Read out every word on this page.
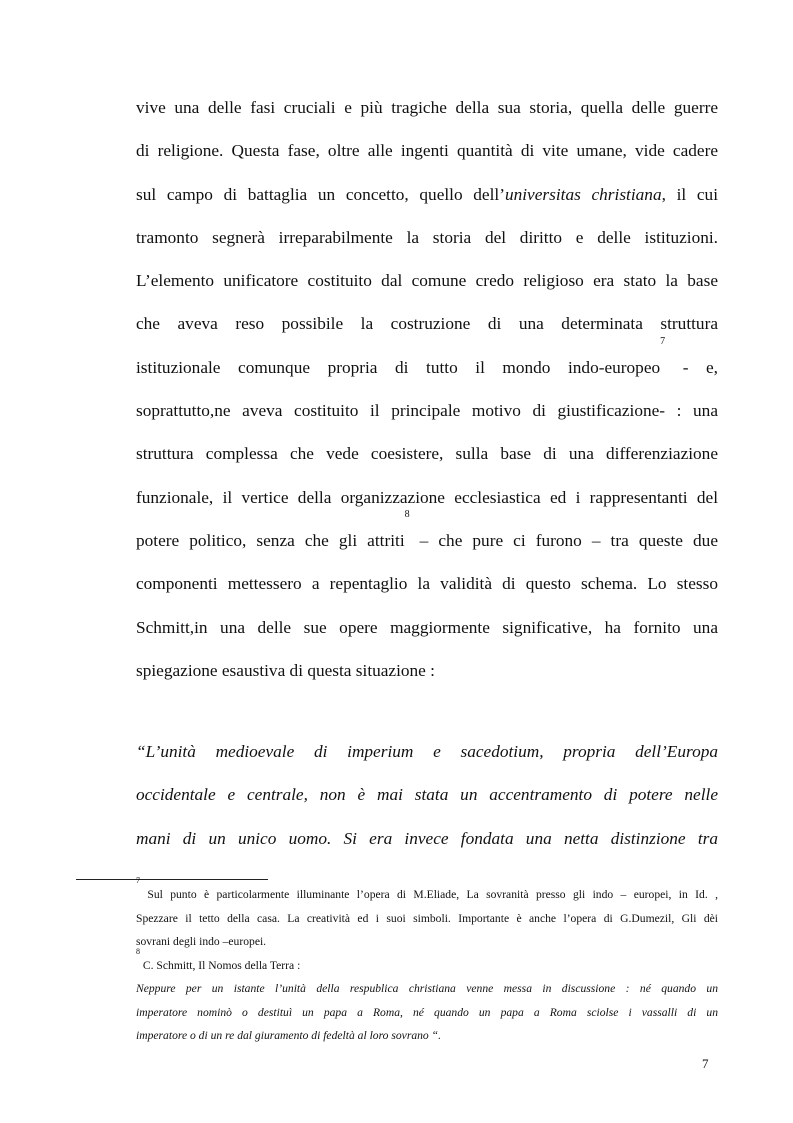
vive una delle fasi cruciali e più tragiche della sua storia, quella delle guerre
di religione. Questa fase, oltre alle ingenti quantità di vite umane, vide cadere
sul campo di battaglia un concetto, quello dell’universitas christiana, il cui
tramonto segnerà irreparabilmente la storia del diritto e delle istituzioni.
L’elemento unificatore costituito dal comune credo religioso era stato la base
che aveva reso possibile la costruzione di una determinata struttura
istituzionale comunque propria di tutto il mondo indo-europeo$^7$ - e,
soprattutto,ne aveva costituito il principale motivo di giustificazione- : una
struttura complessa che vede coesistere, sulla base di una differenziazione
funzionale, il vertice della organizzazione ecclesiastica ed i rappresentanti del
potere politico, senza che gli attriti$^8$ – che pure ci furono – tra queste due
componenti mettessero a repentaglio la validità di questo schema. Lo stesso
Schmitt,in una delle sue opere maggiormente significative, ha fornito una
spiegazione esaustiva di questa situazione :
“L’unità medioevale di imperium e sacedotium, propria dell’Europa
occidentale e centrale, non è mai stata un accentramento di potere nelle
mani di un unico uomo. Si era invece fondata una netta distinzione tra
$^7$ Sul punto è particolarmente illuminante l’opera di M.Eliade, La sovranità presso gli indo – europei, in Id. ,
Spezzare il tetto della casa. La creatività ed i suoi simboli. Importante è anche l’opera di G.Dumezil, Gli dèi
sovrani degli indo –europei.
$^8$ C. Schmitt, Il Nomos della Terra :
Neppure per un istante l’unità della respublica christiana venne messa in discussione : né quando un
imperatore nominò o destituì un papa a Roma, né quando un papa a Roma sciolse i vassalli di un
imperatore o di un re dal giuramento di fedeltà al loro sovrano “.
7
